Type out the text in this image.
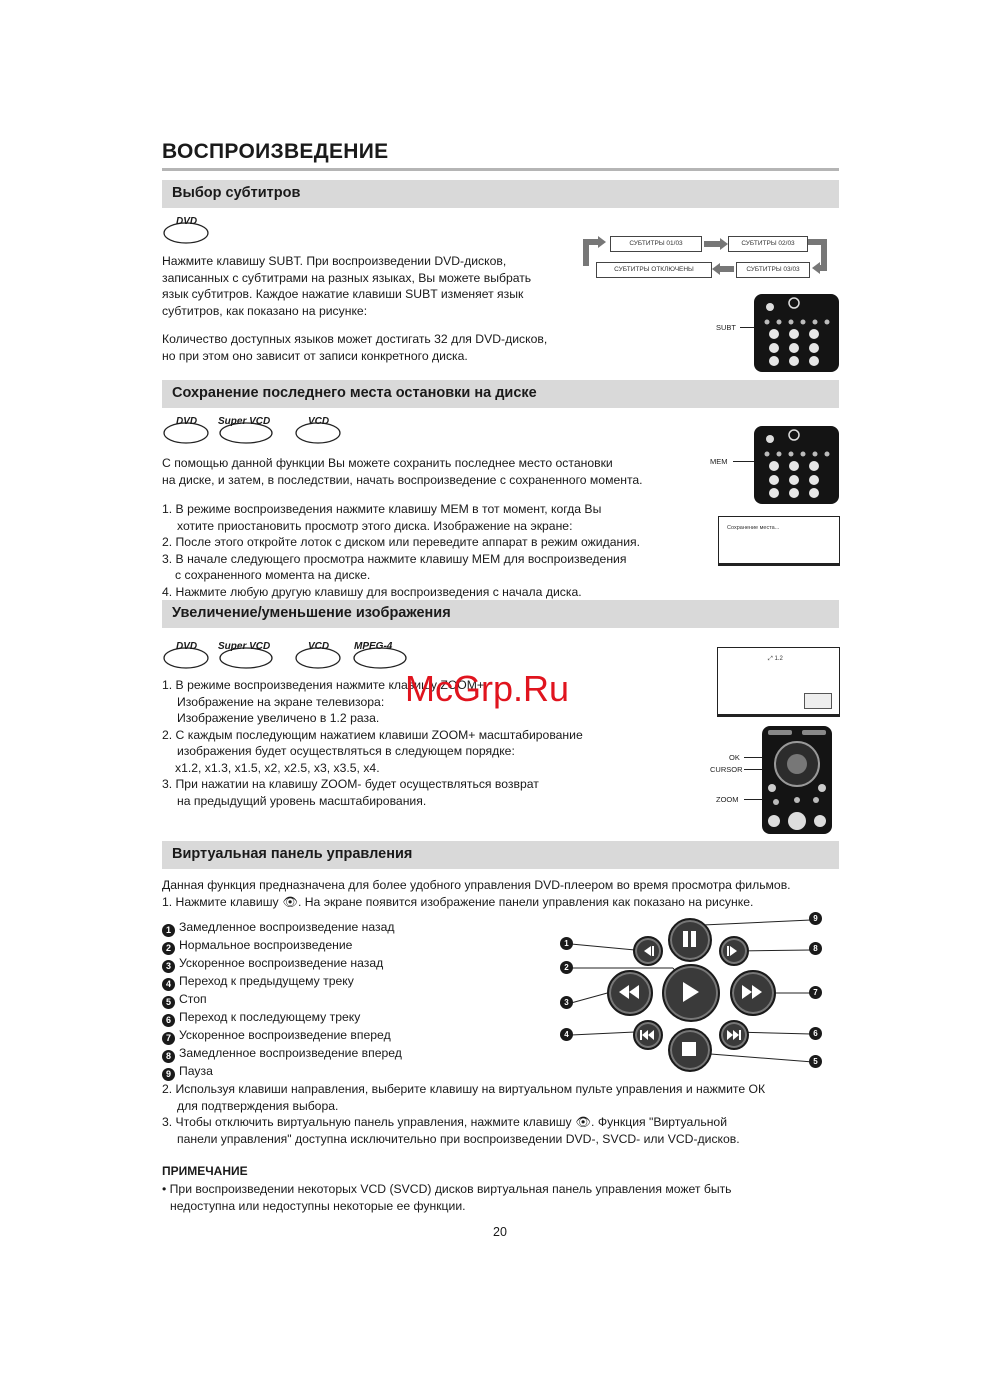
ВОСПРОИЗВЕДЕНИЕ
Выбор субтитров
DVD
Нажмите клавишу SUBT. При воспроизведении DVD-дисков,
записанных с субтитрами на разных языках, Вы можете выбрать
язык субтитров. Каждое нажатие клавиши SUBT изменяет язык
субтитров, как показано на рисунке:
Количество доступных языков может достигать 32 для DVD-дисков,
но при этом оно зависит от записи конкретного диска.
СУБТИТРЫ 01/03	СУБТИТРЫ 02/03
СУБТИТРЫ 03/03
СУБТИТРЫ ОТКЛЮЧЕНЫ
SUBT
Сохранение последнего места остановки на диске
DVD Super VCD	VCD
С помощью данной функции Вы можете сохранить последнее место остановки
на диске, и затем, в последствии, начать воспроизведение с сохраненного момента.
1. В режиме воспроизведения нажмите клавишу МЕМ в тот момент, когда Вы
хотите приостановить просмотр этого диска. Изображение на экране:
2. После этого откройте лоток с диском или переведите аппарат в режим ожидания.
3. В начале следующего просмотра нажмите клавишу МЕМ для воспроизведения
с сохраненного момента на диске.
4. Нажмите любую другую клавишу для воспроизведения с начала диска.
MEM
Сохранение места...
Увеличение/уменьшение изображения
DVD Super VCD	VCD MPEG-4
1. В режиме воспроизведения нажмите клавишу ZOOM+
Изображение на экране телевизора:
Изображение увеличено в 1.2 раза.
2. С каждым последующим нажатием клавиши ZOOM+ масштабирование
изображения будет осуществляться в следующем порядке:
x1.2, x1.3, x1.5, x2, x2.5, x3, x3.5, x4.
3. При нажатии на клавишу ZOOM- будет осуществляться возврат
на предыдущий уровень масштабирования.
McGrp.Ru
⤢ 1.2
OK
CURSOR
ZOOM
Виртуальная панель управления
Данная функция предназначена для более удобного управления DVD-плеером во время просмотра фильмов.
1. Нажмите клавишу 👁. На экране появится изображение панели управления как показано на рисунке.
1 Замедленное воспроизведение назад
2 Нормальное воспроизведение
3 Ускоренное воспроизведение назад
4 Переход к предыдущему треку
5 Стоп
6 Переход к последующему треку
7 Ускоренное воспроизведение вперед
8 Замедленное воспроизведение вперед
9 Пауза
1
2
3
4
5
6
7
8
9
2. Используя клавиши направления, выберите клавишу на виртуальном пульте управления и нажмите ОК
для подтверждения выбора.
3. Чтобы отключить виртуальную панель управления, нажмите клавишу 👁. Функция "Виртуальной
панели управления" доступна исключительно при воспроизведении DVD-, SVCD- или VCD-дисков.
ПРИМЕЧАНИЕ
• При воспроизведении некоторых VCD (SVCD) дисков виртуальная панель управления может быть
недоступна или недоступны некоторые ее функции.
20
